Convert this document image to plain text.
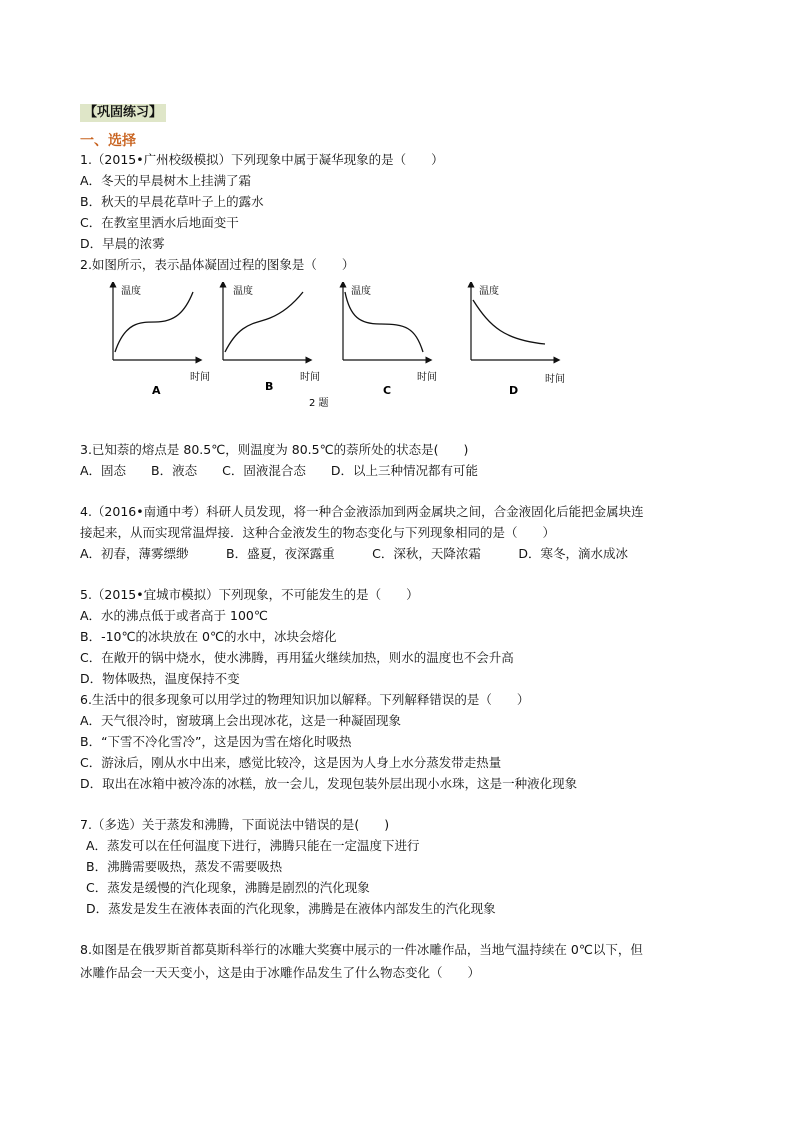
【巩固练习】
一、选择
1.（2015•广州校级模拟）下列现象中属于凝华现象的是（　　）
A．冬天的早晨树木上挂满了霜
B．秋天的早晨花草叶子上的露水
C．在教室里洒水后地面变干
D．早晨的浓雾
2.如图所示，表示晶体凝固过程的图象是（　　）
温度
时间
A
温度
时间
B
温度
时间
C
温度
时间
D
2 题
3.已知萘的熔点是 80.5℃，则温度为 80.5℃的萘所处的状态是(　　)
A．固态　　B．液态　　C．固液混合态　　D．以上三种情况都有可能
4.（2016•南通中考）科研人员发现，将一种合金液添加到两金属块之间，合金液固化后能把金属块连
接起来，从而实现常温焊接．这种合金液发生的物态变化与下列现象相同的是（　　）
A．初春，薄雾缥缈　　　B．盛夏，夜深露重　　　C．深秋，天降浓霜　　　D．寒冬，滴水成冰
5.（2015•宜城市模拟）下列现象，不可能发生的是（　　）
A．水的沸点低于或者高于 100℃
B．-10℃的冰块放在 0℃的水中，冰块会熔化
C．在敞开的锅中烧水，使水沸腾，再用猛火继续加热，则水的温度也不会升高
D．物体吸热，温度保持不变
6.生活中的很多现象可以用学过的物理知识加以解释。下列解释错误的是（　　）
A．天气很冷时，窗玻璃上会出现冰花，这是一种凝固现象
B．“下雪不冷化雪冷”，这是因为雪在熔化时吸热
C．游泳后，刚从水中出来，感觉比较冷，这是因为人身上水分蒸发带走热量
D．取出在冰箱中被冷冻的冰糕，放一会儿，发现包装外层出现小水珠，这是一种液化现象
7.（多选）关于蒸发和沸腾，下面说法中错误的是(　　)
A．蒸发可以在任何温度下进行，沸腾只能在一定温度下进行
B．沸腾需要吸热，蒸发不需要吸热
C．蒸发是缓慢的汽化现象，沸腾是剧烈的汽化现象
D．蒸发是发生在液体表面的汽化现象，沸腾是在液体内部发生的汽化现象
8.如图是在俄罗斯首都莫斯科举行的冰雕大奖赛中展示的一件冰雕作品，当地气温持续在 0℃以下，但
冰雕作品会一天天变小，这是由于冰雕作品发生了什么物态变化（　　）
